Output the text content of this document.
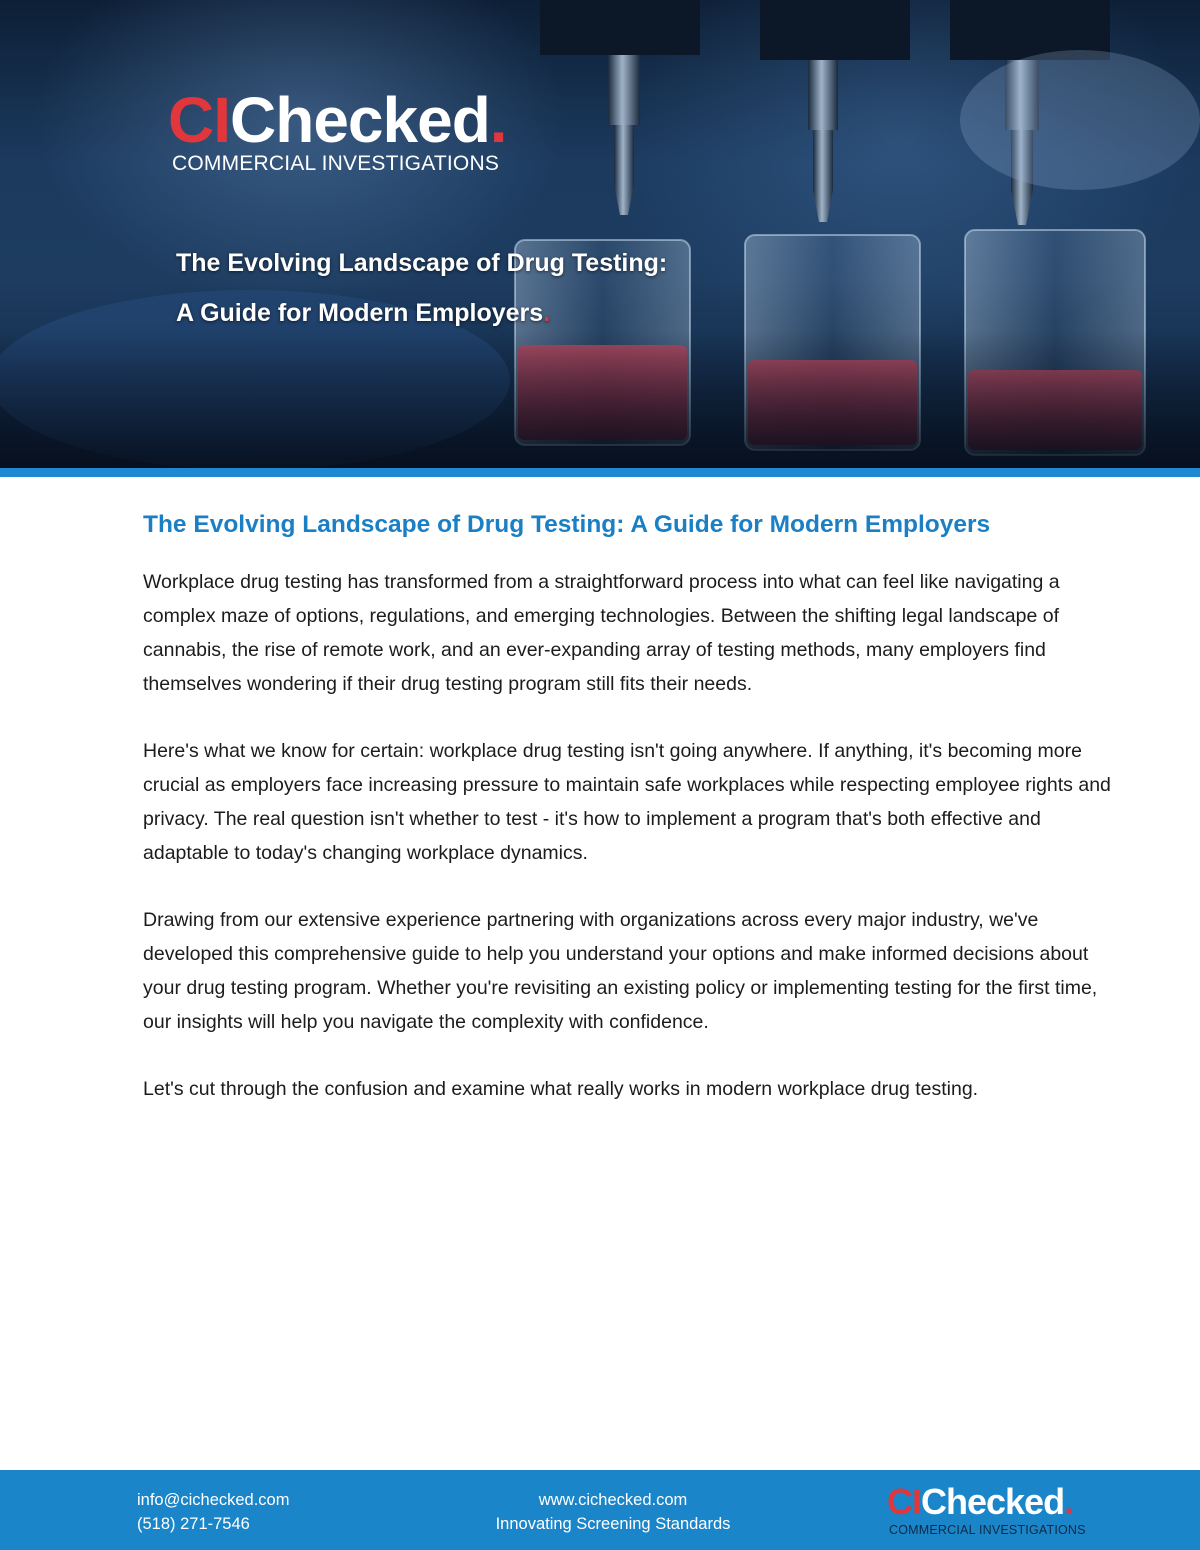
CIChecked.
COMMERCIAL INVESTIGATIONS
The Evolving Landscape of Drug Testing:
A Guide for Modern Employers.
The Evolving Landscape of Drug Testing: A Guide for Modern Employers

Workplace drug testing has transformed from a straightforward process into what can feel like navigating a complex maze of options, regulations, and emerging technologies. Between the shifting legal landscape of cannabis, the rise of remote work, and an ever-expanding array of testing methods, many employers find themselves wondering if their drug testing program still fits their needs.

Here's what we know for certain: workplace drug testing isn't going anywhere. If anything, it's becoming more crucial as employers face increasing pressure to maintain safe workplaces while respecting employee rights and privacy. The real question isn't whether to test - it's how to implement a program that's both effective and adaptable to today's changing workplace dynamics.

Drawing from our extensive experience partnering with organizations across every major industry, we've developed this comprehensive guide to help you understand your options and make informed decisions about your drug testing program. Whether you're revisiting an existing policy or implementing testing for the first time, our insights will help you navigate the complexity with confidence.

Let's cut through the confusion and examine what really works in modern workplace drug testing.

info@cichecked.com
(518) 271-7546
www.cichecked.com
Innovating Screening Standards
CIChecked.
COMMERCIAL INVESTIGATIONS
